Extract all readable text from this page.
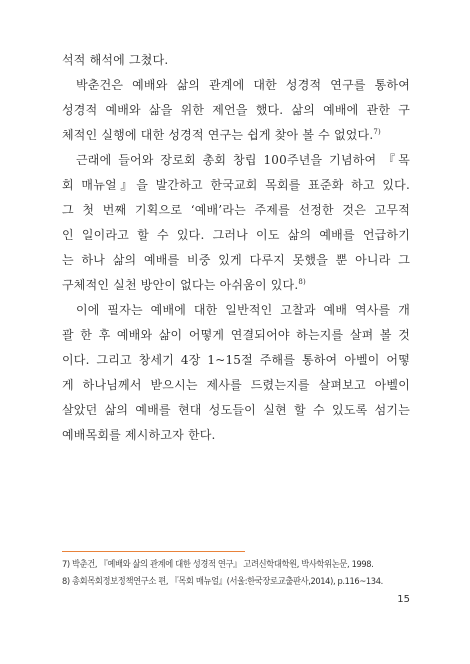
석적 해석에 그쳤다.
박춘건은 예배와 삶의 관계에 대한 성경적 연구를 통하여
성경적 예배와 삶을 위한 제언을 했다. 삶의 예배에 관한 구
체적인 실행에 대한 성경적 연구는 쉽게 찾아 볼 수 없었다.$^{7)}$
근래에 들어와 장로회 총회 창립 100주년을 기념하여 『목
회 매뉴얼』을 발간하고 한국교회 목회를 표준화 하고 있다.
그 첫 번째 기획으로 ‘예배’라는 주제를 선정한 것은 고무적
인 일이라고 할 수 있다. 그러나 이도 삶의 예배를 언급하기
는 하나 삶의 예배를 비중 있게 다루지 못했을 뿐 아니라 그
구체적인 실천 방안이 없다는 아쉬움이 있다.$^{8)}$
이에 필자는 예배에 대한 일반적인 고찰과 예배 역사를 개
괄 한 후 예배와 삶이 어떻게 연결되어야 하는지를 살펴 볼 것
이다. 그리고 창세기 4장 1~15절 주해를 통하여 아벨이 어떻
게 하나님께서 받으시는 제사를 드렸는지를 살펴보고 아벨이
살았던 삶의 예배를 현대 성도들이 실현 할 수 있도록 섬기는
예배목회를 제시하고자 한다.
7) 박춘건, 『예배와 삶의 관계에 대한 성경적 연구』 고려신학대학원, 박사학위논문, 1998.
8) 총회목회정보정책연구소 편, 『목회 매뉴얼』(서울:한국장로교출판사,2014), p.116~134.
15
